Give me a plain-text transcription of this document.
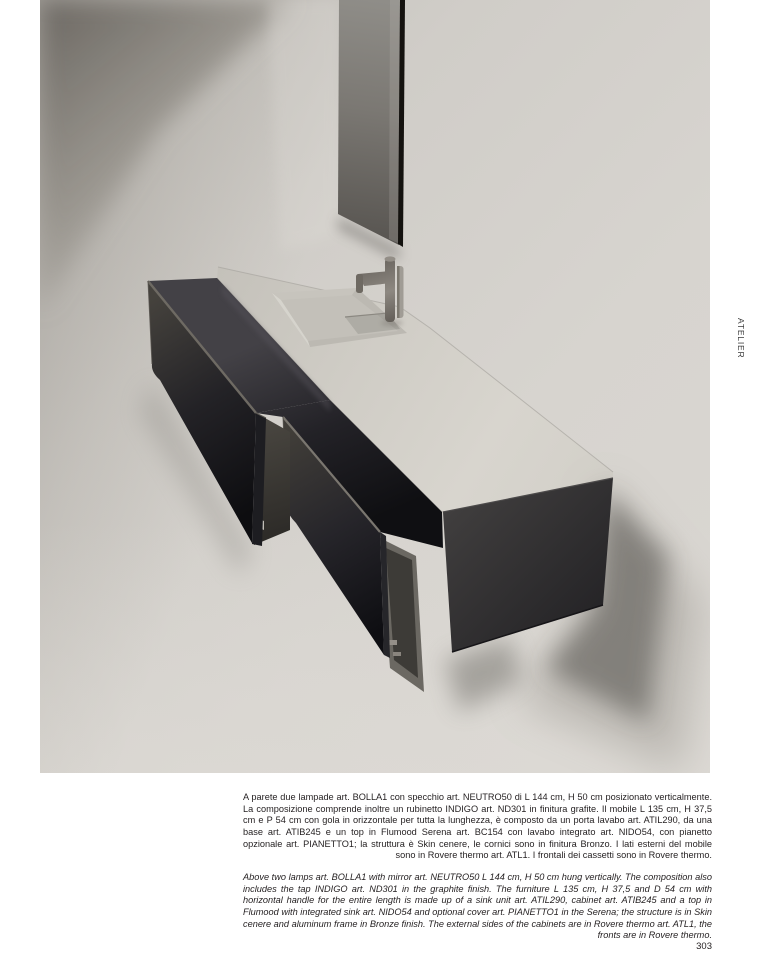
ATELIER

A parete due lampade art. BOLLA1 con specchio art. NEUTRO50 di L 144 cm, H 50 cm posizionato verticalmente. La composizione comprende inoltre un rubinetto INDIGO art. ND301 in finitura grafite. Il mobile L 135 cm, H 37,5 cm e P 54 cm con gola in orizzontale per tutta la lunghezza, è composto da un porta lavabo art. ATIL290, da una base art. ATIB245 e un top in Flumood Serena art. BC154 con lavabo integrato art. NIDO54, con pianetto opzionale art. PIANETTO1; la struttura è Skin cenere, le cornici sono in finitura Bronzo. I lati esterni del mobile sono in Rovere thermo art. ATL1. I frontali dei cassetti sono in Rovere thermo.

Above two lamps art. BOLLA1 with mirror art. NEUTRO50 L 144 cm, H 50 cm hung vertically. The composition also includes the tap INDIGO art. ND301 in the graphite finish. The furniture L 135 cm, H 37,5 and D 54 cm with horizontal handle for the entire length is made up of a sink unit art. ATIL290, cabinet art. ATIB245 and a top in Flumood with integrated sink art. NIDO54 and optional cover art. PIANETTO1 in the Serena; the structure is in Skin cenere and aluminum frame in Bronze finish. The external sides of the cabinets are in Rovere thermo art. ATL1, the fronts are in Rovere thermo.

303
